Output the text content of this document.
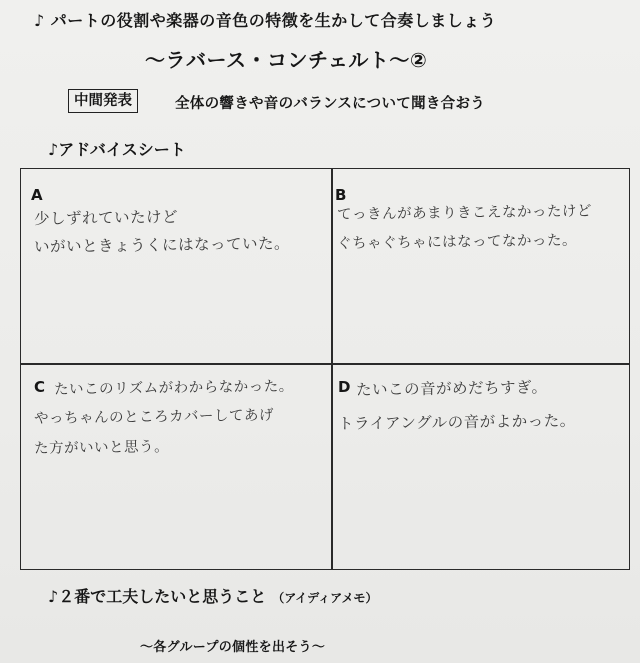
♪ パートの役割や楽器の音色の特徴を生かして合奏しましょう
～ラバース・コンチェルト～②
中間発表	全体の響きや音のバランスについて聞き合おう
♪アドバイスシート
A
少しずれていたけど
いがいときょうくにはなっていた。
B
てっきんがあまりきこえなかったけど
ぐちゃぐちゃにはなってなかった。
C たいこのリズムがわからなかった。
やっちゃんのところカバーしてあげ
た方がいいと思う。
D たいこの音がめだちすぎ。
トライアングルの音がよかった。
♪２番で工夫したいと思うこと （アイディアメモ）
～各グループの個性を出そう～
